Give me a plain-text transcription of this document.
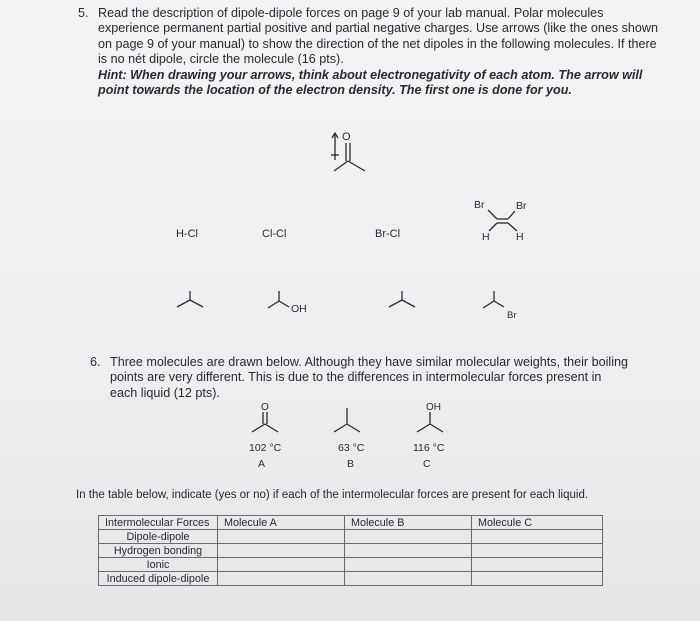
5. Read the description of dipole-dipole forces on page 9 of your lab manual. Polar molecules experience permanent partial positive and partial negative charges. Use arrows (like the ones shown on page 9 of your manual) to show the direction of the net dipoles in the following molecules. If there is no nét dipole, circle the molecule (16 pts).
Hint: When drawing your arrows, think about electronegativity of each atom. The arrow will point towards the location of the electron density. The first one is done for you.
O
H-Cl	Cl-Cl	Br-Cl
Br	Br
H	H
OH
Br
6. Three molecules are drawn below. Although they have similar molecular weights, their boiling points are very different. This is due to the differences in intermolecular forces present in each liquid (12 pts).
O	OH
102 °C	63 °C	116 °C
A	B	C
In the table below, indicate (yes or no) if each of the intermolecular forces are present for each liquid.
Intermolecular Forces	Molecule A	Molecule B	Molecule C
Dipole-dipole			
Hydrogen bonding			
Ionic			
Induced dipole-dipole			
